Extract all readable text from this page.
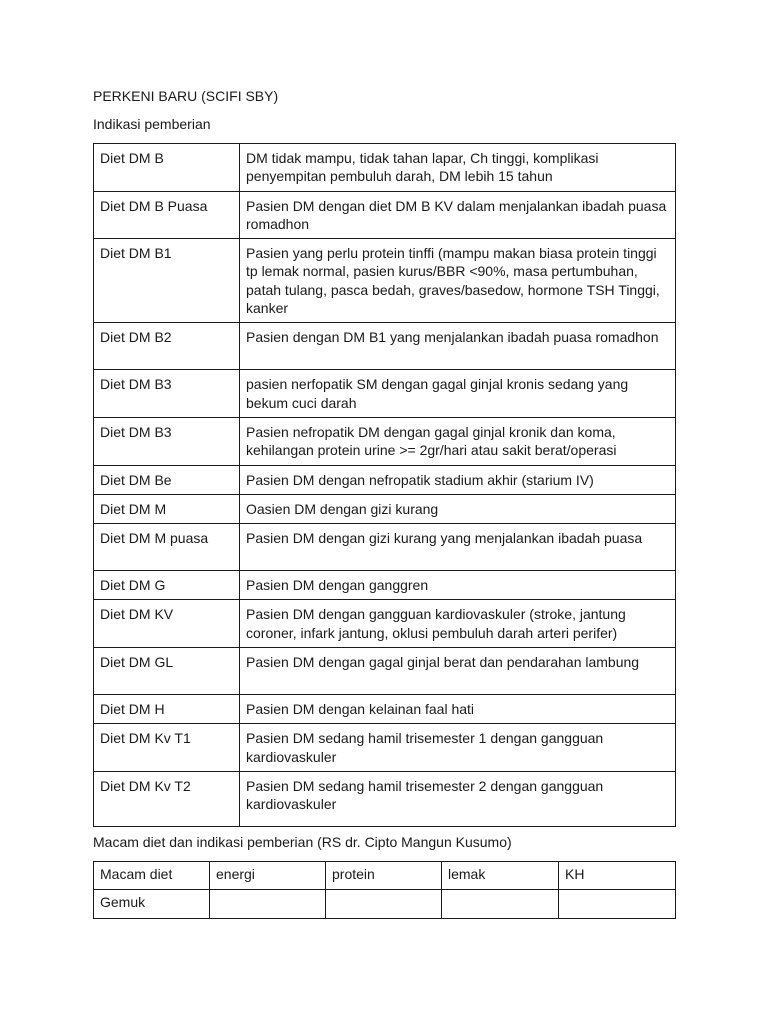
PERKENI BARU (SCIFI SBY)
Indikasi pemberian
Diet DM B	DM tidak mampu, tidak tahan lapar, Ch tinggi, komplikasi penyempitan pembuluh darah, DM lebih 15 tahun
Diet DM B Puasa	Pasien DM dengan diet DM B KV dalam menjalankan ibadah puasa romadhon
Diet DM B1	Pasien yang perlu protein tinffi (mampu makan biasa protein tinggi tp lemak normal, pasien kurus/BBR <90%, masa pertumbuhan, patah tulang, pasca bedah, graves/basedow, hormone TSH Tinggi, kanker
Diet DM B2	Pasien dengan DM B1 yang menjalankan ibadah puasa romadhon
Diet DM B3	pasien nerfopatik SM dengan gagal ginjal kronis sedang yang bekum cuci darah
Diet DM B3	Pasien nefropatik DM dengan gagal ginjal kronik dan koma, kehilangan protein urine >= 2gr/hari atau sakit berat/operasi
Diet DM Be	Pasien DM dengan nefropatik stadium akhir (starium IV)
Diet DM M	Oasien DM dengan gizi kurang
Diet DM M puasa	Pasien DM dengan gizi kurang yang menjalankan ibadah puasa
Diet DM G	Pasien DM dengan ganggren
Diet DM KV	Pasien DM dengan gangguan kardiovaskuler (stroke, jantung coroner, infark jantung, oklusi pembuluh darah arteri perifer)
Diet DM GL	Pasien DM dengan gagal ginjal berat dan pendarahan lambung
Diet DM H	Pasien DM dengan kelainan faal hati
Diet DM Kv T1	Pasien DM sedang hamil trisemester 1 dengan gangguan kardiovaskuler
Diet DM Kv T2	Pasien DM sedang hamil trisemester 2 dengan gangguan kardiovaskuler
Macam diet dan indikasi pemberian (RS dr. Cipto Mangun Kusumo)
Macam diet	energi	protein	lemak	KH
Gemuk				
